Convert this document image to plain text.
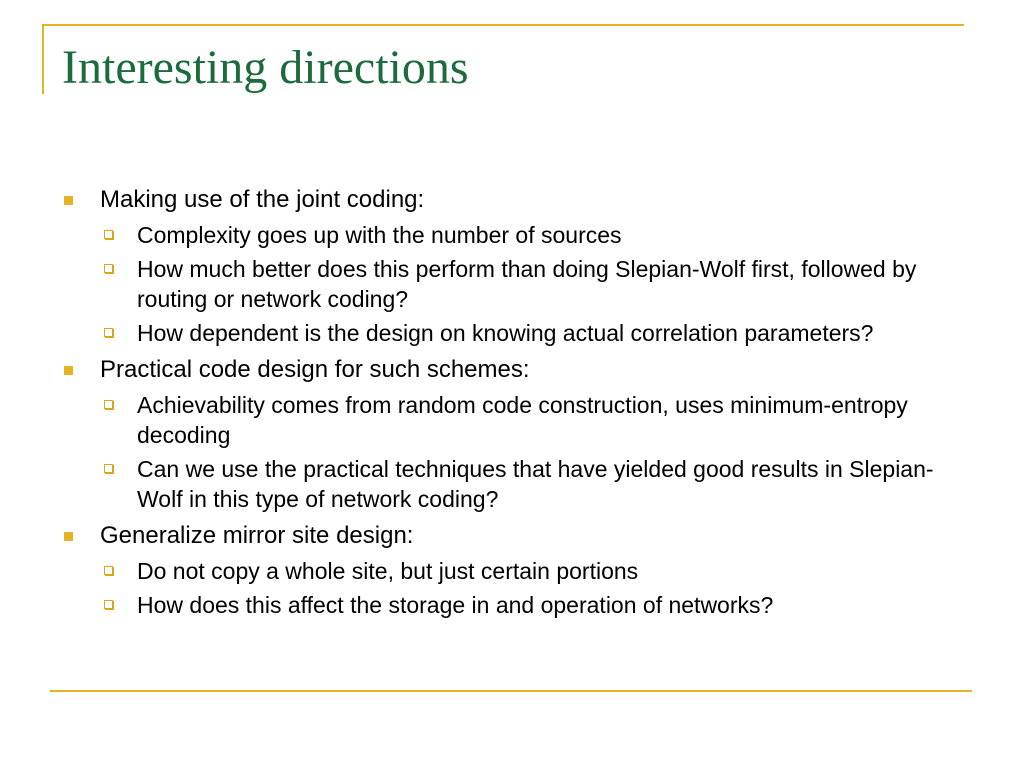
Interesting directions
Making use of the joint coding:
Complexity goes up with the number of sources
How much better does this perform than doing Slepian-Wolf first, followed by routing or network coding?
How dependent is the design on knowing actual correlation parameters?
Practical code design for such schemes:
Achievability comes from random code construction, uses minimum-entropy decoding
Can we use the practical techniques that have yielded good results in Slepian-Wolf in this type of network coding?
Generalize mirror site design:
Do not copy a whole site, but just certain portions
How does this affect the storage in and operation of networks?
